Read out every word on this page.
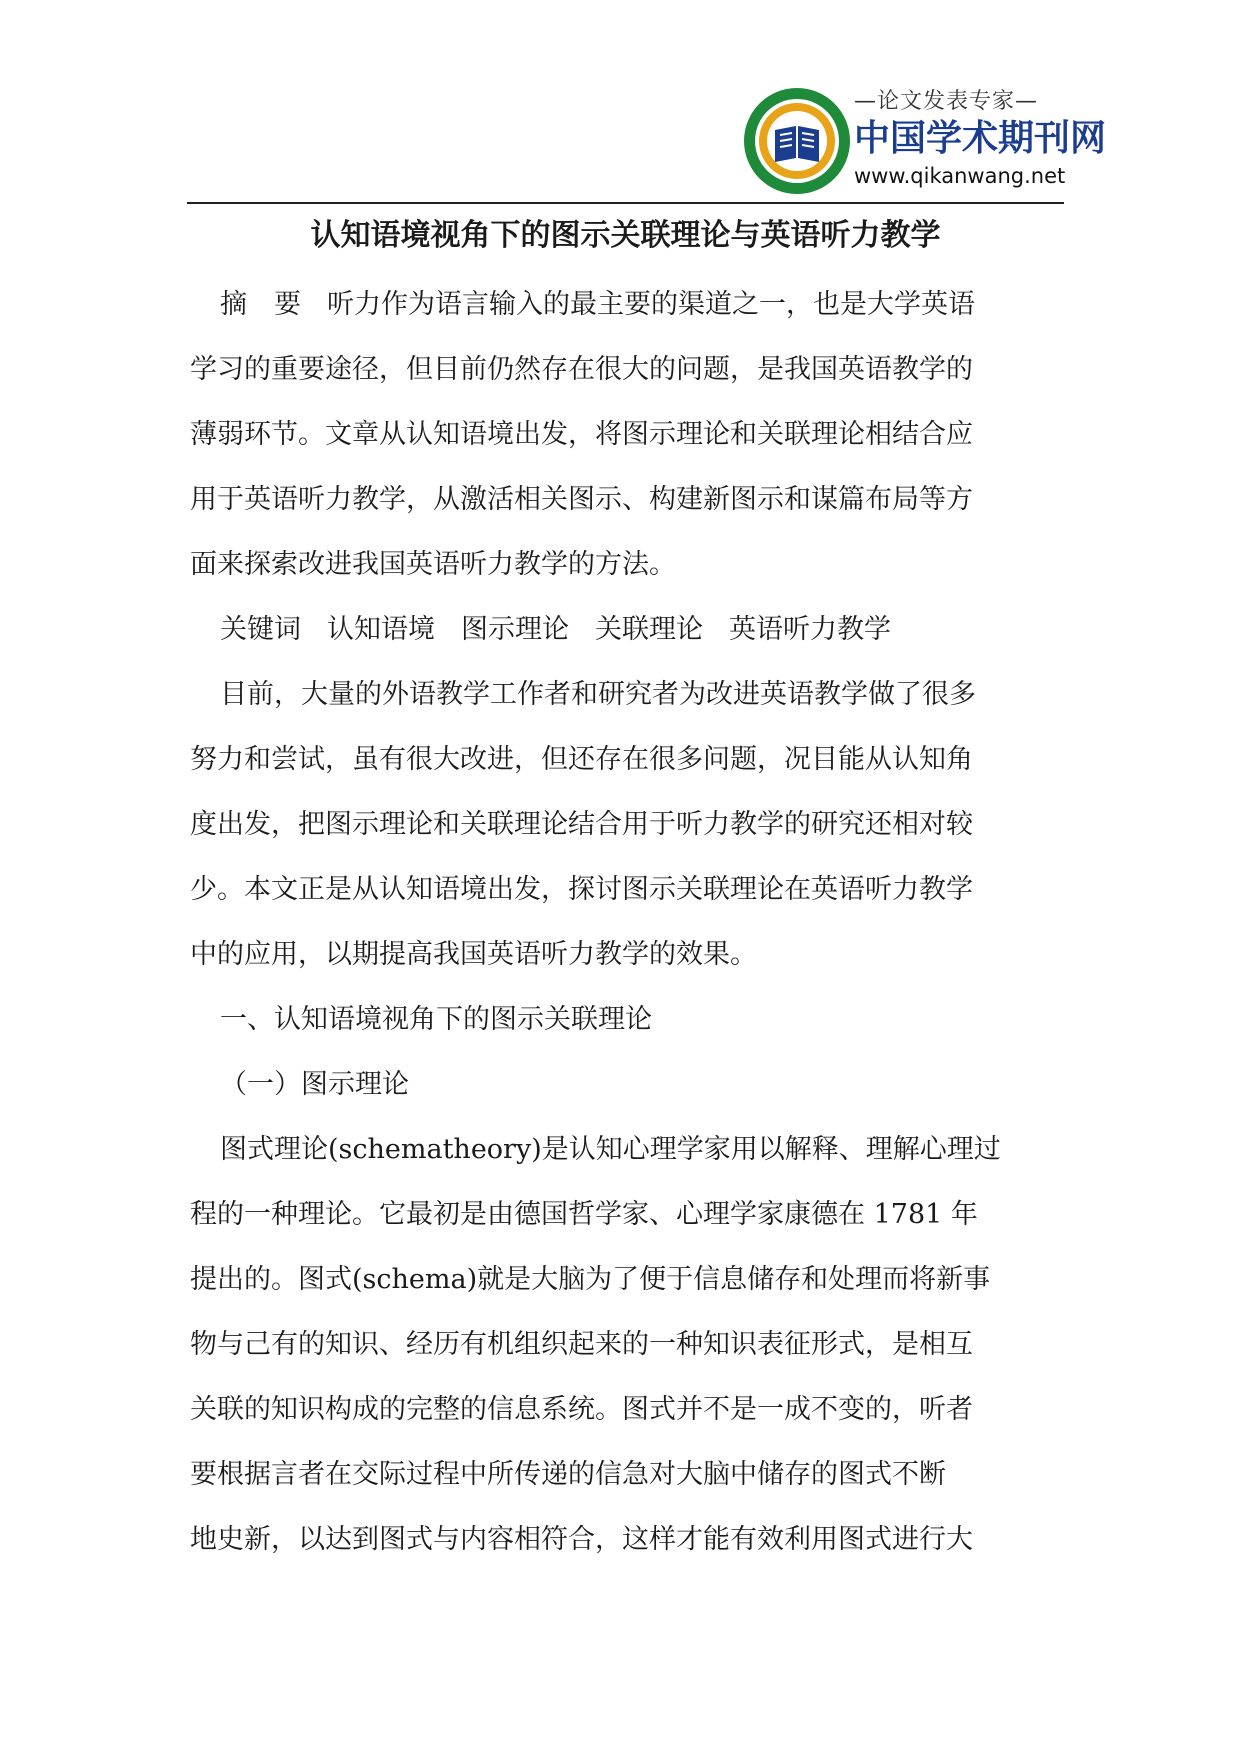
—论文发表专家—
中国学术期刊网
www.qikanwang.net
认知语境视角下的图示关联理论与英语听力教学
摘　要 听力作为语言输入的最主要的渠道之一，也是大学英语
学习的重要途径，但目前仍然存在很大的问题，是我国英语教学的
薄弱环节。文章从认知语境出发，将图示理论和关联理论相结合应
用于英语听力教学，从激活相关图示、构建新图示和谋篇布局等方
面来探索改进我国英语听力教学的方法。
关键词 认知语境 图示理论 关联理论 英语听力教学
目前，大量的外语教学工作者和研究者为改进英语教学做了很多
努力和尝试，虽有很大改进，但还存在很多问题，况目能从认知角
度出发，把图示理论和关联理论结合用于听力教学的研究还相对较
少。本文正是从认知语境出发，探讨图示关联理论在英语听力教学
中的应用，以期提高我国英语听力教学的效果。
一、认知语境视角下的图示关联理论
（一）图示理论
图式理论(schematheory)是认知心理学家用以解释、理解心理过
程的一种理论。它最初是由德国哲学家、心理学家康德在 1781 年
提出的。图式(schema)就是大脑为了便于信息储存和处理而将新事
物与己有的知识、经历有机组织起来的一种知识表征形式，是相互
关联的知识构成的完整的信息系统。图式并不是一成不变的，听者
要根据言者在交际过程中所传递的信急对大脑中储存的图式不断
地史新，以达到图式与内容相符合，这样才能有效利用图式进行大
